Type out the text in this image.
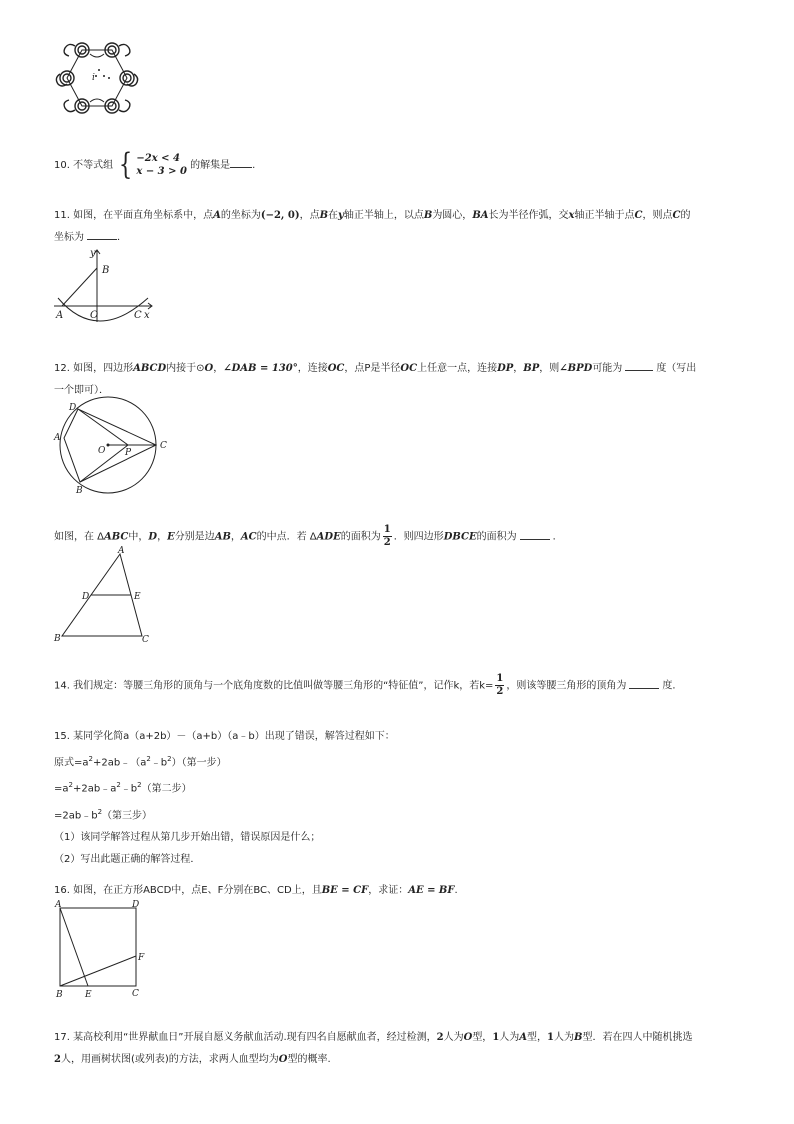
i
10. 不等式组 { −2x < 4
x − 3 > 0
的解集是 .
11. 如图，在平面直角坐标系中，点A的坐标为(−2, 0)，点B在y轴正半轴上，以点B为圆心，BA长为半径作弧，交x轴正半轴于点C，则点C的
坐标为	．
y
B
A	O	C x
12. 如图，四边形ABCD内接于⊙O，∠DAB = 130°，连接OC，点P是半径OC上任意一点，连接DP，BP，则∠BPD可能为	度（写出
一个即可）．
D
A
O P
C
B
如图，在 ΔABC中，D，E分别是边AB，AC的中点．若 ΔADE的面积为 $\frac{1}{2}$ ．则四边形DBCE的面积为	．
A
D	E
B	C
14. 我们规定：等腰三角形的顶角与一个底角度数的比值叫做等腰三角形的“特征值”，记作k，若$k= \frac{1}{2}$ ，则该等腰三角形的顶角为	度．
15. 某同学化简a（a+2b）－（a+b）（a﹣b）出现了错误，解答过程如下：
原式$=a^2+2ab﹣(a^2﹣b^2)$（第一步）
$=a^2+2ab﹣a^2﹣b^2$（第二步）
$=2ab﹣b^2$（第三步）
（1）该同学解答过程从第几步开始出错，错误原因是什么；
（2）写出此题正确的解答过程．
16. 如图，在正方形ABCD中，点E、F分别在BC、CD上，且BE = CF，求证：AE = BF.
A	D
F
B E	C
17. 某高校利用“世界献血日”开展自愿义务献血活动.现有四名自愿献血者，经过检测，2人为O型，1人为A型，1人为B型．若在四人中随机挑选
2人，用画树状图(或列表)的方法，求两人血型均为O型的概率.
